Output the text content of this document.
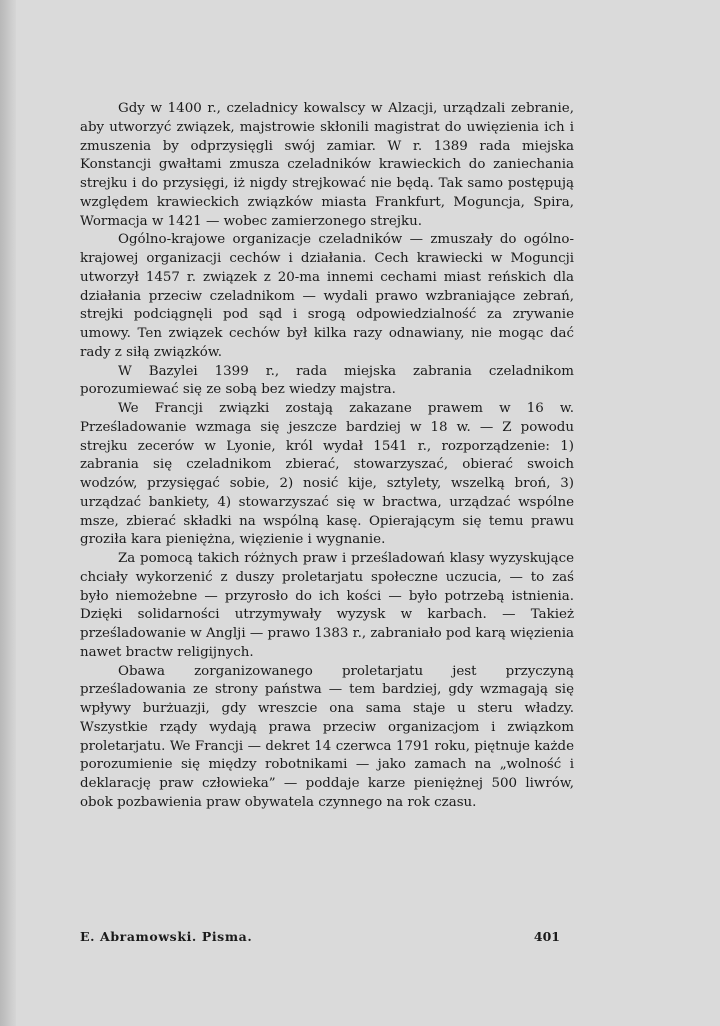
Gdy w 1400 r., czeladnicy kowalscy w Alzacji, urządzali zebranie, aby utworzyć związek, majstrowie skłonili magistrat do uwięzienia ich i zmuszenia by odprzysięgli swój zamiar. W r. 1389 rada miejska Konstancji gwałtami zmusza czeladników krawieckich do zaniechania strejku i do przysięgi, iż nigdy strejkować nie będą. Tak samo postępują względem krawieckich związków miasta Frankfurt, Moguncja, Spira, Wormacja w 1421 — wobec zamierzonego strejku.

Ogólno-krajowe organizacje czeladników — zmuszały do ogólno-krajowej organizacji cechów i działania. Cech krawiecki w Moguncji utworzył 1457 r. związek z 20-ma innemi cechami miast reńskich dla działania przeciw czeladnikom — wydali prawo wzbraniające zebrań, strejki podciągnęli pod sąd i srogą odpowiedzialność za zrywanie umowy. Ten związek cechów był kilka razy odnawiany, nie mogąc dać rady z siłą związków.

W Bazylei 1399 r., rada miejska zabrania czeladnikom porozumiewać się ze sobą bez wiedzy majstra.

We Francji związki zostają zakazane prawem w 16 w. Prześladowanie wzmaga się jeszcze bardziej w 18 w. — Z powodu strejku zecerów w Lyonie, król wydał 1541 r., rozporządzenie: 1) zabrania się czeladnikom zbierać, stowarzyszać, obierać swoich wodzów, przysięgać sobie, 2) nosić kije, sztylety, wszelką broń, 3) urządzać bankiety, 4) stowarzyszać się w bractwa, urządzać wspólne msze, zbierać składki na wspólną kasę. Opierającym się temu prawu groziła kara pieniężna, więzienie i wygnanie.

Za pomocą takich różnych praw i prześladowań klasy wyzyskujące chciały wykorzenić z duszy proletarjatu społeczne uczucia, — to zaś było niemożebne — przyrosło do ich kości — było potrzebą istnienia. Dzięki solidarności utrzymywały wyzysk w karbach. — Takież prześladowanie w Anglji — prawo 1383 r., zabraniało pod karą więzienia nawet bractw religijnych.

Obawa zorganizowanego proletarjatu jest przyczyną prześladowania ze strony państwa — tem bardziej, gdy wzmagają się wpływy burżuazji, gdy wreszcie ona sama staje u steru władzy. Wszystkie rządy wydają prawa przeciw organizacjom i związkom proletarjatu. We Francji — dekret 14 czerwca 1791 roku, piętnuje każde porozumienie się między robotnikami — jako zamach na „wolność i deklarację praw człowieka” — poddaje karze pieniężnej 500 liwrów, obok pozbawienia praw obywatela czynnego na rok czasu.

E. Abramowski. Pisma.	401
